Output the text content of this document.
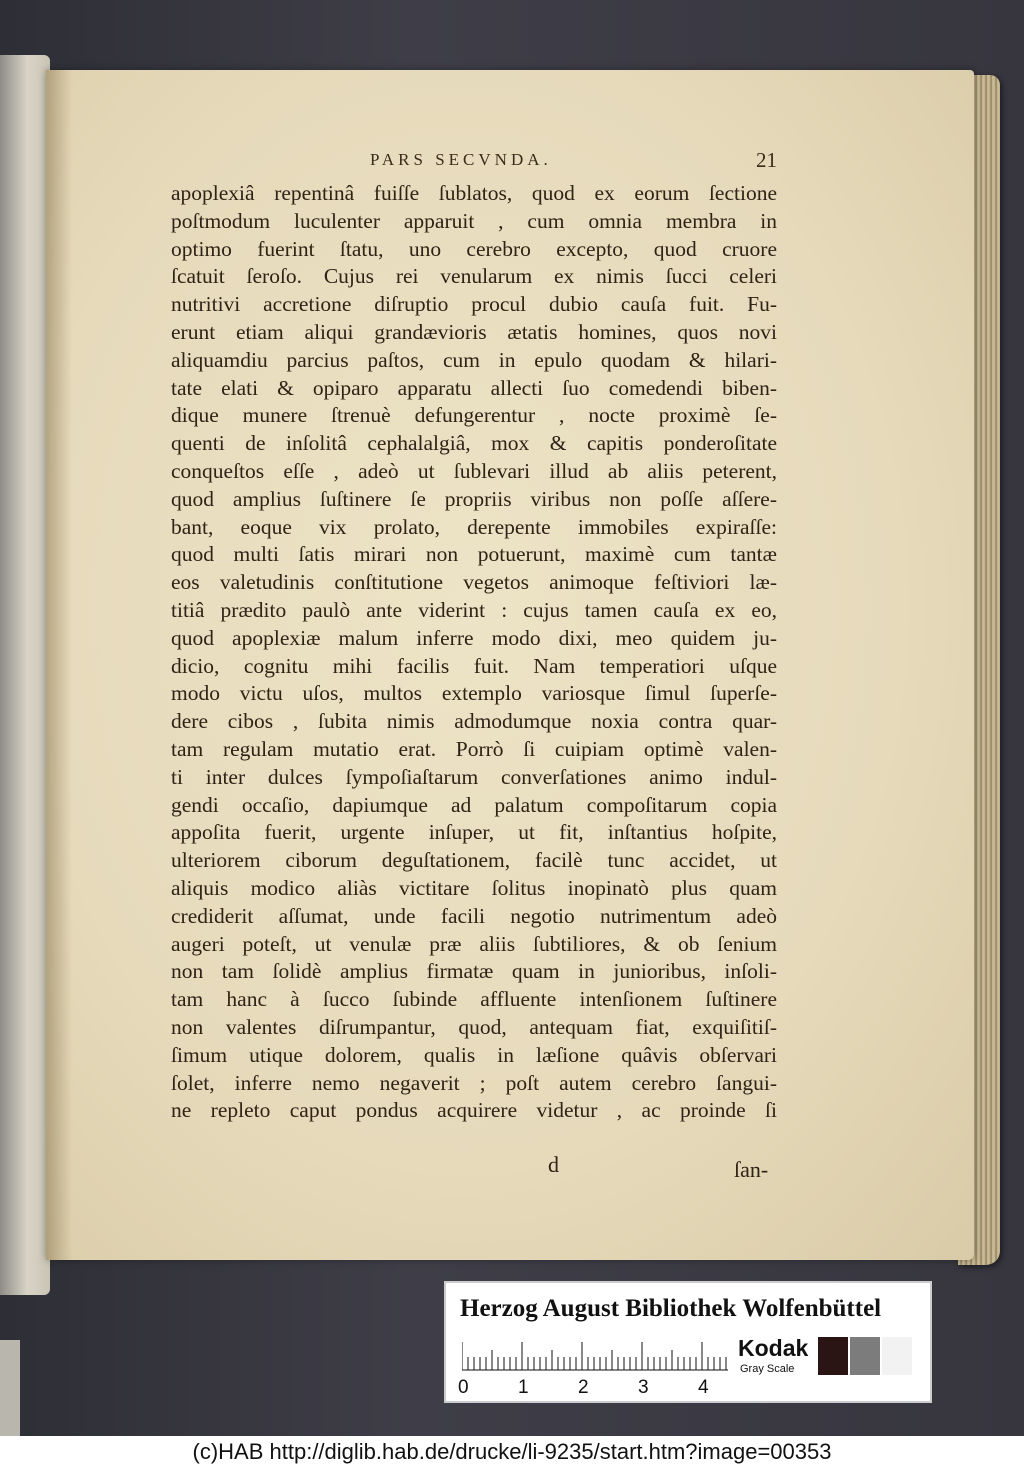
PARS SECVNDA.	21
apoplexiâ repentinâ fuiſſe ſublatos, quod ex eorum ſectione
poſtmodum luculenter apparuit , cum omnia membra in
optimo fuerint ſtatu, uno cerebro excepto, quod cruore
ſcatuit ſeroſo. Cujus rei venularum ex nimis ſucci celeri
nutritivi accretione diſruptio procul dubio cauſa fuit. Fu-
erunt etiam aliqui grandævioris ætatis homines, quos novi
aliquamdiu parcius paſtos, cum in epulo quodam & hilari-
tate elati & opiparo apparatu allecti ſuo comedendi biben-
dique munere ſtrenuè defungerentur , nocte proximè ſe-
quenti de inſolitâ cephalalgiâ, mox & capitis ponderoſitate
conqueſtos eſſe , adeò ut ſublevari illud ab aliis peterent,
quod amplius ſuſtinere ſe propriis viribus non poſſe aſſere-
bant, eoque vix prolato, derepente immobiles expiraſſe:
quod multi ſatis mirari non potuerunt, maximè cum tantæ
eos valetudinis conſtitutione vegetos animoque feſtiviori læ-
titiâ prædito paulò ante viderint : cujus tamen cauſa ex eo,
quod apoplexiæ malum inferre modo dixi, meo quidem ju-
dicio, cognitu mihi facilis fuit. Nam temperatiori uſque
modo victu uſos, multos extemplo variosque ſimul ſuperſe-
dere cibos , ſubita nimis admodumque noxia contra quar-
tam regulam mutatio erat. Porrò ſi cuipiam optimè valen-
ti inter dulces ſympoſiaſtarum converſationes animo indul-
gendi occaſio, dapiumque ad palatum compoſitarum copia
appoſita fuerit, urgente inſuper, ut fit, inſtantius hoſpite,
ulteriorem ciborum deguſtationem, facilè tunc accidet, ut
aliquis modico aliàs victitare ſolitus inopinatò plus quam
crediderit aſſumat, unde facili negotio nutrimentum adeò
augeri poteſt, ut venulæ præ aliis ſubtiliores, & ob ſenium
non tam ſolidè amplius firmatæ quam in junioribus, inſoli-
tam hanc à ſucco ſubinde affluente intenſionem ſuſtinere
non valentes diſrumpantur, quod, antequam fiat, exquiſitiſ-
ſimum utique dolorem, qualis in læſione quâvis obſervari
ſolet, inferre nemo negaverit ; poſt autem cerebro ſangui-
ne repleto caput pondus acquirere videtur , ac proinde ſi
d	ſan-
Herzog August Bibliothek Wolfenbüttel
0	1	2	3	4
Kodak
Gray Scale
(c)HAB http://diglib.hab.de/drucke/li-9235/start.htm?image=00353
